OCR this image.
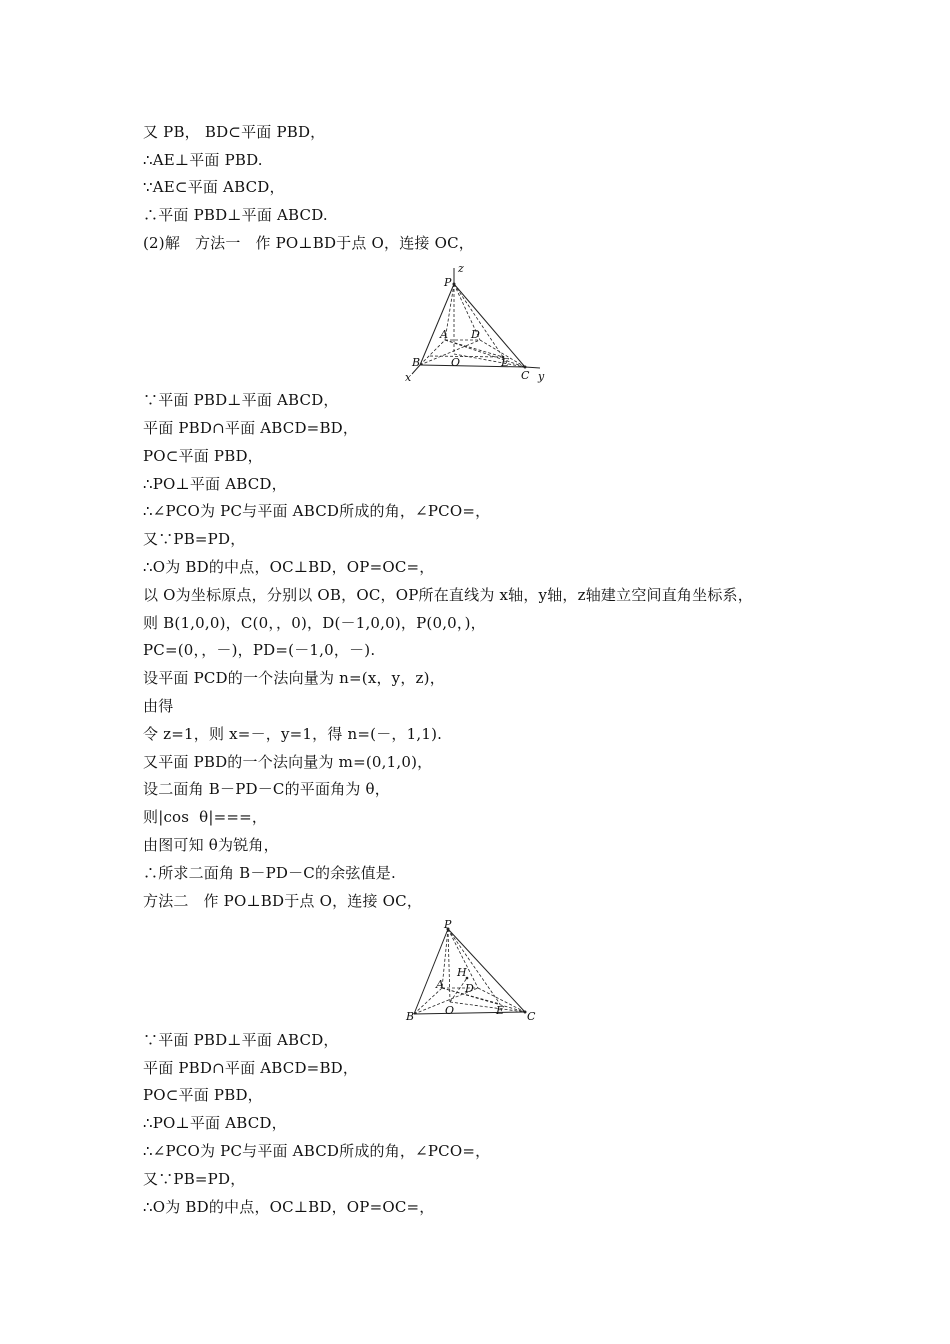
又 PB， BD⊂平面 PBD，
∴AE⊥平面 PBD.
∵AE⊂平面 ABCD，
∴平面 PBD⊥平面 ABCD.
(2)解   方法一   作 PO⊥BD于点 O，连接 OC，
P
z
A D
B	O	E
C
x	y
∵平面 PBD⊥平面 ABCD，
平面 PBD∩平面 ABCD=BD，
PO⊂平面 PBD，
∴PO⊥平面 ABCD，
∴∠PCO为 PC与平面 ABCD所成的角，∠PCO=，
又∵PB=PD，
∴O为 BD的中点，OC⊥BD，OP=OC=，
以 O为坐标原点，分别以 OB，OC，OP所在直线为 x轴，y轴，z轴建立空间直角坐标系，
则 B(1,0,0)，C(0，，0)，D(－1,0,0)，P(0,0，)，
PC=(0，，－)，PD=(－1,0，－).
设平面 PCD的一个法向量为 n=(x，y，z)，
由得
令 z=1，则 x=－，y=1，得 n=(－，1,1).
又平面 PBD的一个法向量为 m=(0,1,0)，
设二面角 B－PD－C的平面角为 θ，
则|cos  θ|===，
由图可知 θ为锐角，
∴所求二面角 B－PD－C的余弦值是.
方法二   作 PO⊥BD于点 O，连接 OC，
P
H
A D
B	O	E C
∵平面 PBD⊥平面 ABCD，
平面 PBD∩平面 ABCD=BD，
PO⊂平面 PBD，
∴PO⊥平面 ABCD，
∴∠PCO为 PC与平面 ABCD所成的角，∠PCO=，
又∵PB=PD，
∴O为 BD的中点，OC⊥BD，OP=OC=，
